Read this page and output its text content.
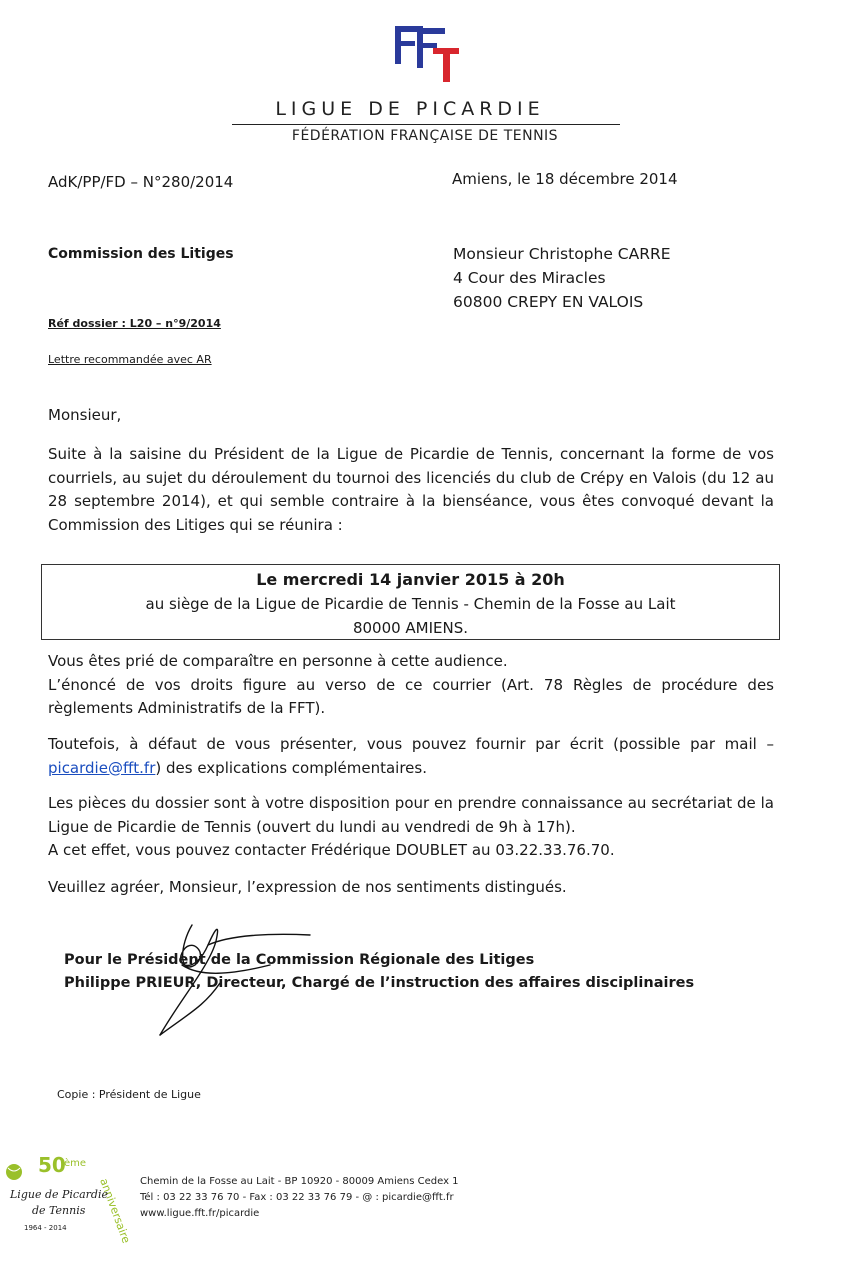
LIGUE DE PICARDIE
FÉDÉRATION FRANÇAISE DE TENNIS
AdK/PP/FD – N°280/2014	Amiens, le 18 décembre 2014
Commission des Litiges	Monsieur Christophe CARRE
4 Cour des Miracles
60800 CREPY EN VALOIS
Réf dossier : L20 – n°9/2014
Lettre recommandée avec AR
Monsieur,
Suite à la saisine du Président de la Ligue de Picardie de Tennis, concernant la forme de vos courriels, au sujet du déroulement du tournoi des licenciés du club de Crépy en Valois (du 12 au 28 septembre 2014), et qui semble contraire à la bienséance, vous êtes convoqué devant la Commission des Litiges qui se réunira :
Le mercredi 14 janvier 2015 à 20h
au siège de la Ligue de Picardie de Tennis - Chemin de la Fosse au Lait
80000 AMIENS.
Vous êtes prié de comparaître en personne à cette audience.
L’énoncé de vos droits figure au verso de ce courrier (Art. 78 Règles de procédure des règlements Administratifs de la FFT).
Toutefois, à défaut de vous présenter, vous pouvez fournir par écrit (possible par mail – picardie@fft.fr) des explications complémentaires.
Les pièces du dossier sont à votre disposition pour en prendre connaissance au secrétariat de la Ligue de Picardie de Tennis (ouvert du lundi au vendredi de 9h à 17h).
A cet effet, vous pouvez contacter Frédérique DOUBLET au 03.22.33.76.70.
Veuillez agréer, Monsieur, l’expression de nos sentiments distingués.
Pour le Président de la Commission Régionale des Litiges
Philippe PRIEUR, Directeur, Chargé de l’instruction des affaires disciplinaires
Copie : Président de Ligue
50
ème
anniversaire
Ligue de Picardie
de Tennis
1964 - 2014
Chemin de la Fosse au Lait - BP 10920 - 80009 Amiens Cedex 1
Tél : 03 22 33 76 70 - Fax : 03 22 33 76 79 - @ : picardie@fft.fr
www.ligue.fft.fr/picardie
